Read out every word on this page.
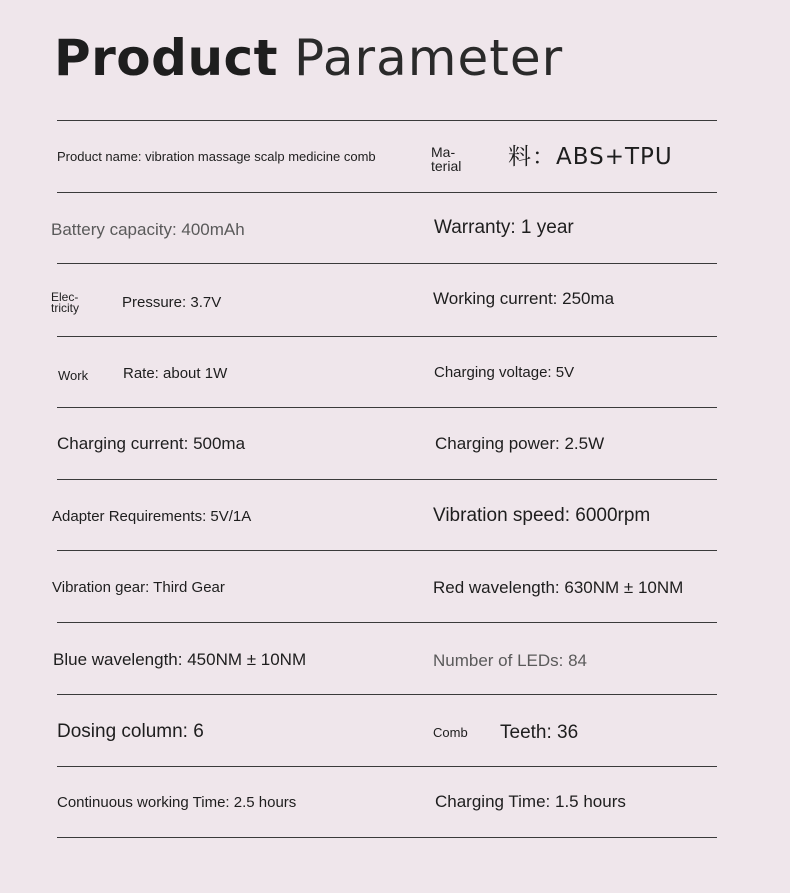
Product Parameter
Product name: vibration massage scalp medicine comb	Ma-
terial 料：ABS+TPU
Battery capacity: 400mAh	Warranty: 1 year
Elec-
tricity	Pressure: 3.7V	Working current: 250ma
Work Rate: about 1W	Charging voltage: 5V
Charging current: 500ma	Charging power: 2.5W
Adapter Requirements: 5V/1A	Vibration speed: 6000rpm
Vibration gear: Third Gear	Red wavelength: 630NM ± 10NM
Blue wavelength: 450NM ± 10NM	Number of LEDs: 84
Dosing column: 6	Comb Teeth: 36
Continuous working Time: 2.5 hours	Charging Time: 1.5 hours
